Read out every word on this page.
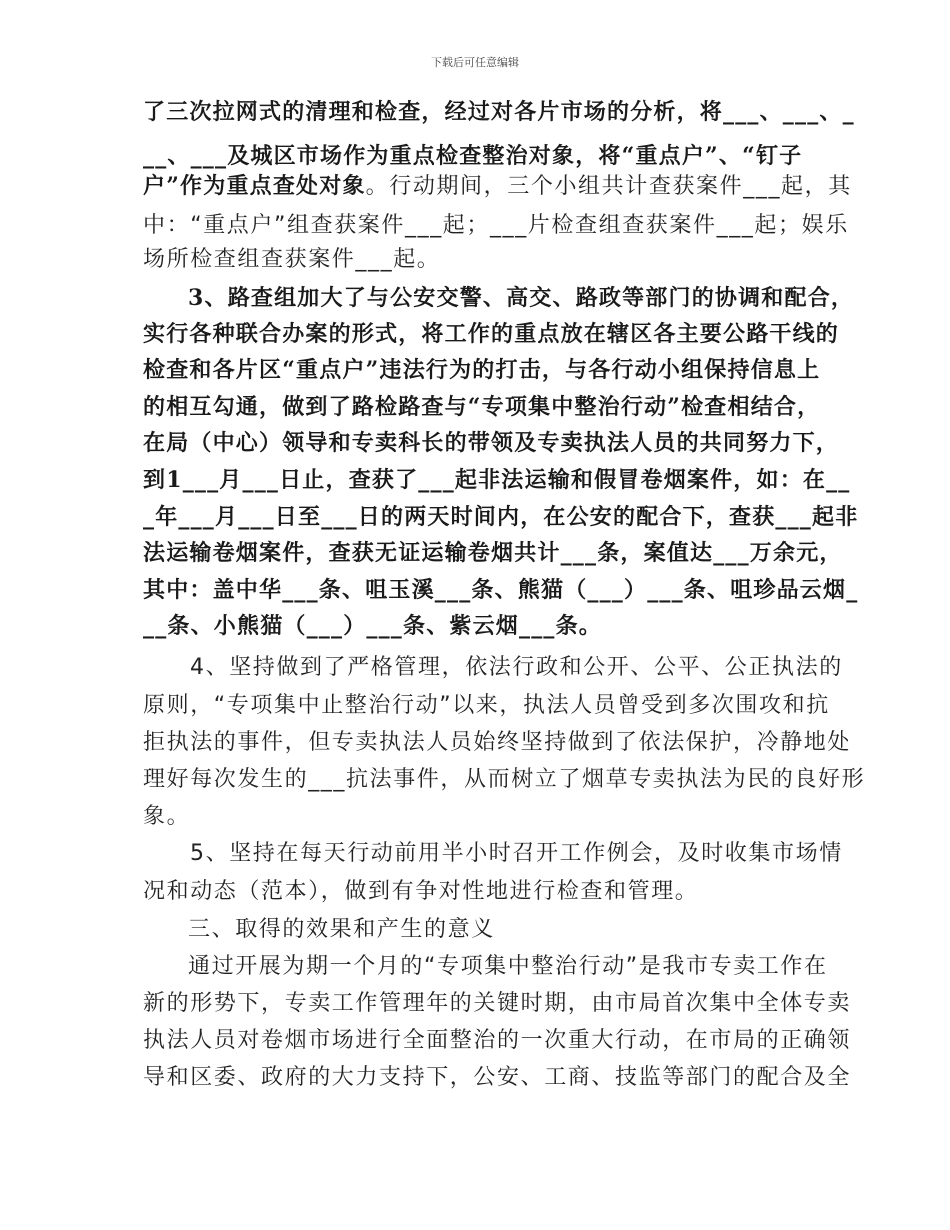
下载后可任意编辑
了三次拉网式的清理和检查，经过对各片市场的分析，将___、___、_
__、___及城区市场作为重点检查整治对象，将“重点户”、“钉子
户”作为重点查处对象。行动期间，三个小组共计查获案件___起，其
中：“重点户”组查获案件___起；___片检查组查获案件___起；娱乐
场所检查组查获案件___起。
3、路查组加大了与公安交警、高交、路政等部门的协调和配合，
实行各种联合办案的形式，将工作的重点放在辖区各主要公路干线的
检查和各片区“重点户”违法行为的打击，与各行动小组保持信息上
的相互勾通，做到了路检路查与“专项集中整治行动”检查相结合，
在局（中心）领导和专卖科长的带领及专卖执法人员的共同努力下，
到1___月___日止，查获了___起非法运输和假冒卷烟案件，如：在__
_年___月___日至___日的两天时间内，在公安的配合下，查获___起非
法运输卷烟案件，查获无证运输卷烟共计___条，案值达___万余元，
其中：盖中华___条、咀玉溪___条、熊猫（___）___条、咀珍品云烟_
__条、小熊猫（___）___条、紫云烟___条。
4、坚持做到了严格管理，依法行政和公开、公平、公正执法的
原则，“专项集中止整治行动”以来，执法人员曾受到多次围攻和抗
拒执法的事件，但专卖执法人员始终坚持做到了依法保护，冷静地处
理好每次发生的___抗法事件，从而树立了烟草专卖执法为民的良好形
象。
5、坚持在每天行动前用半小时召开工作例会，及时收集市场情
况和动态（范本），做到有争对性地进行检查和管理。
三、取得的效果和产生的意义
通过开展为期一个月的“专项集中整治行动”是我市专卖工作在
新的形势下，专卖工作管理年的关键时期，由市局首次集中全体专卖
执法人员对卷烟市场进行全面整治的一次重大行动，在市局的正确领
导和区委、政府的大力支持下，公安、工商、技监等部门的配合及全
